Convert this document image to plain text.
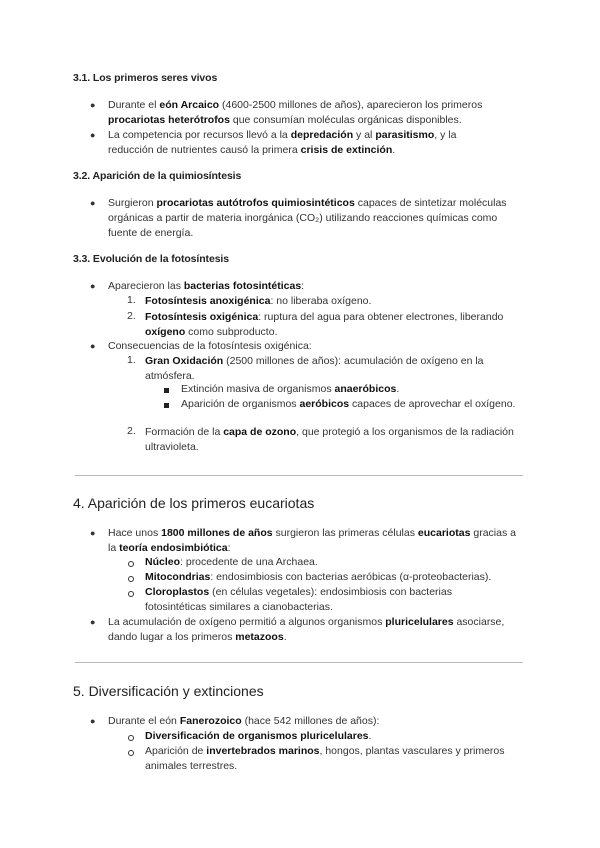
3.1. Los primeros seres vivos
● Durante el eón Arcaico (4600-2500 millones de años), aparecieron los primeros procariotas heterótrofos que consumían moléculas orgánicas disponibles.
● La competencia por recursos llevó a la depredación y al parasitismo, y la reducción de nutrientes causó la primera crisis de extinción.
3.2. Aparición de la quimiosíntesis
● Surgieron procariotas autótrofos quimiosintéticos capaces de sintetizar moléculas orgánicas a partir de materia inorgánica (CO₂) utilizando reacciones químicas como fuente de energía.
3.3. Evolución de la fotosíntesis
● Aparecieron las bacterias fotosintéticas:
1. Fotosíntesis anoxigénica: no liberaba oxígeno.
2. Fotosíntesis oxigénica: ruptura del agua para obtener electrones, liberando oxígeno como subproducto.
● Consecuencias de la fotosíntesis oxigénica:
1. Gran Oxidación (2500 millones de años): acumulación de oxígeno en la atmósfera.
Extinción masiva de organismos anaeróbicos.
Aparición de organismos aeróbicos capaces de aprovechar el oxígeno.
2. Formación de la capa de ozono, que protegió a los organismos de la radiación ultravioleta.
4. Aparición de los primeros eucariotas
● Hace unos 1800 millones de años surgieron las primeras células eucariotas gracias a la teoría endosimbiótica:
Núcleo: procedente de una Archaea.
Mitocondrias: endosimbiosis con bacterias aeróbicas (α-proteobacterias).
Cloroplastos (en células vegetales): endosimbiosis con bacterias fotosintéticas similares a cianobacterias.
● La acumulación de oxígeno permitió a algunos organismos pluricelulares asociarse, dando lugar a los primeros metazoos.
5. Diversificación y extinciones
● Durante el eón Fanerozoico (hace 542 millones de años):
Diversificación de organismos pluricelulares.
Aparición de invertebrados marinos, hongos, plantas vasculares y primeros animales terrestres.
